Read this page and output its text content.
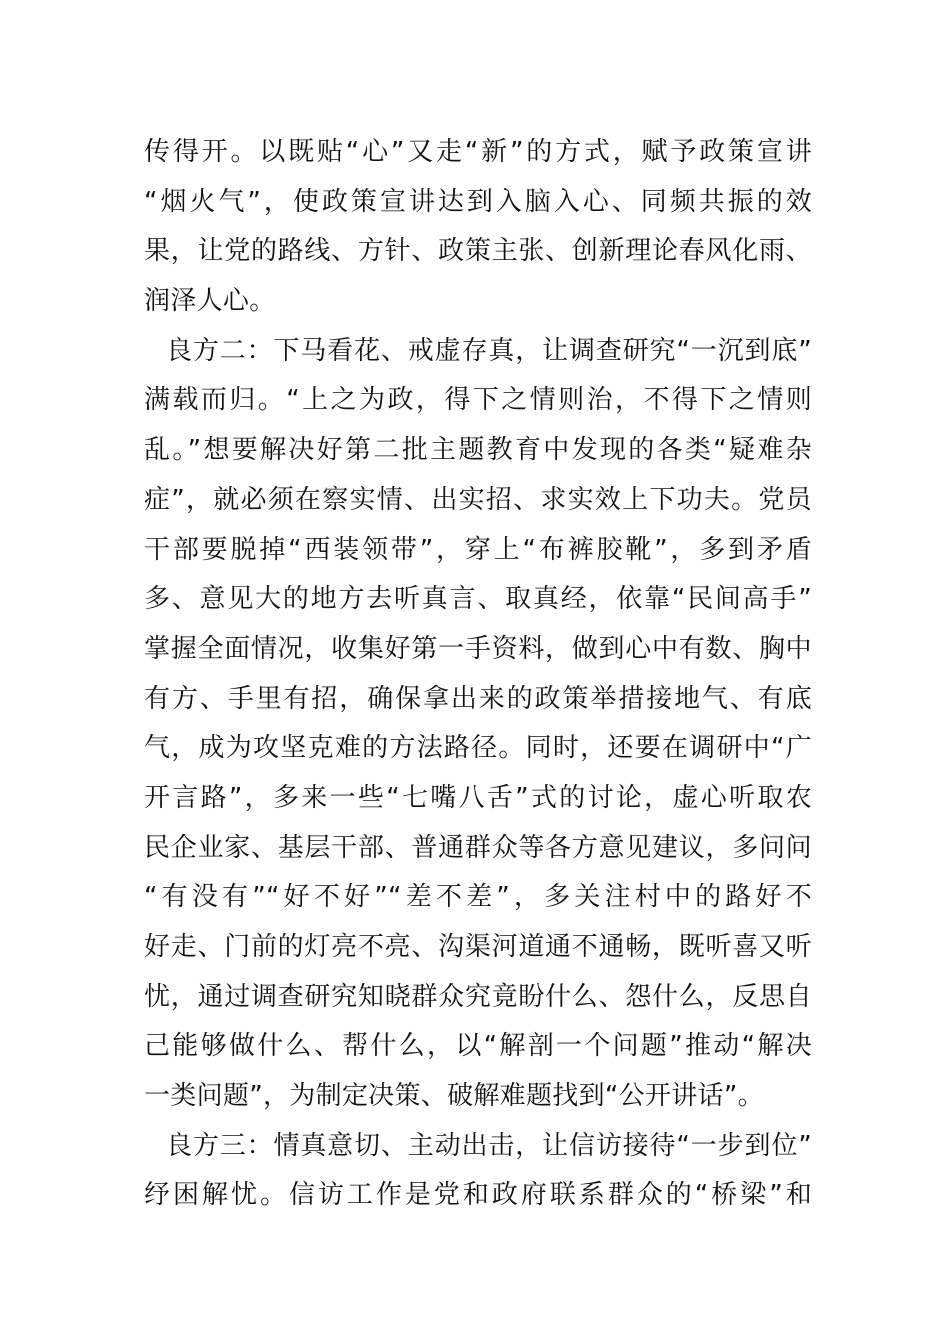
传得开。以既贴“心”又走“新”的方式，赋予政策宣讲
“烟火气”，使政策宣讲达到入脑入心、同频共振的效
果，让党的路线、方针、政策主张、创新理论春风化雨、
润泽人心。
良方二：下马看花、戒虚存真，让调查研究“一沉到底”
满载而归。“上之为政，得下之情则治，不得下之情则
乱。”想要解决好第二批主题教育中发现的各类“疑难杂
症”，就必须在察实情、出实招、求实效上下功夫。党员
干部要脱掉“西装领带”，穿上“布裤胶靴”，多到矛盾
多、意见大的地方去听真言、取真经，依靠“民间高手”
掌握全面情况，收集好第一手资料，做到心中有数、胸中
有方、手里有招，确保拿出来的政策举措接地气、有底
气，成为攻坚克难的方法路径。同时，还要在调研中“广
开言路”，多来一些“七嘴八舌”式的讨论，虚心听取农
民企业家、基层干部、普通群众等各方意见建议，多问问
“有没有”“好不好”“差不差”，多关注村中的路好不
好走、门前的灯亮不亮、沟渠河道通不通畅，既听喜又听
忧，通过调查研究知晓群众究竟盼什么、怨什么，反思自
己能够做什么、帮什么，以“解剖一个问题”推动“解决
一类问题”，为制定决策、破解难题找到“公开讲话”。
良方三：情真意切、主动出击，让信访接待“一步到位”
纾困解忧。信访工作是党和政府联系群众的“桥梁”和
